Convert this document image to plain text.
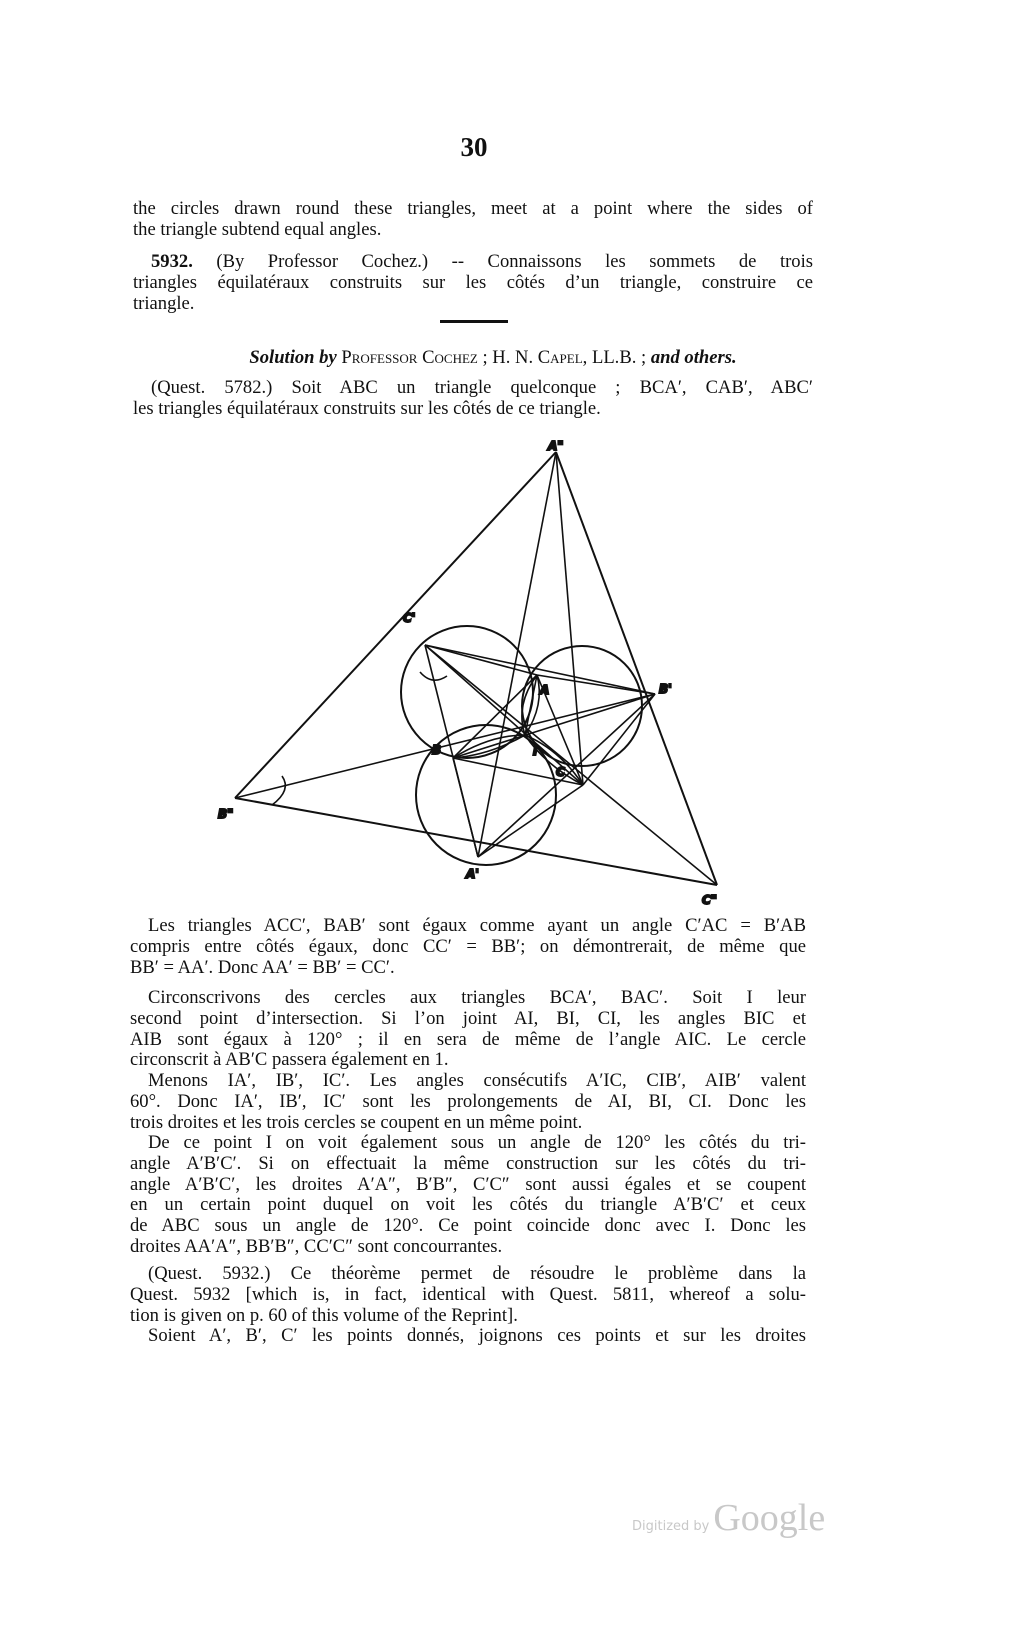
30
the circles drawn round these triangles, meet at a point where the sides of
the triangle subtend equal angles.
5932. (By Professor Cochez.) -- Connaissons les sommets de trois
triangles équilatéraux construits sur les côtés d’un triangle, construire ce
triangle.
Solution by Professor Cochez ; H. N. Capel, LL.B. ; and others.
(Quest. 5782.) Soit ABC un triangle quelconque ; BCA′, CAB′, ABC′
les triangles équilatéraux construits sur les côtés de ce triangle.
A"
C'
A	B'
B	I
C
B"
A'
C"
Les triangles ACC′, BAB′ sont égaux comme ayant un angle C′AC = B′AB
compris entre côtés égaux, donc CC′ = BB′; on démontrerait, de même que
BB′ = AA′. Donc AA′ = BB′ = CC′.
Circonscrivons des cercles aux triangles BCA′, BAC′. Soit I leur
second point d’intersection. Si l’on joint AI, BI, CI, les angles BIC et
AIB sont égaux à 120° ; il en sera de même de l’angle AIC. Le cercle
circonscrit à AB′C passera également en 1.
Menons IA′, IB′, IC′. Les angles consécutifs A′IC, CIB′, AIB′ valent
60°. Donc IA′, IB′, IC′ sont les prolongements de AI, BI, CI. Donc les
trois droites et les trois cercles se coupent en un même point.
De ce point I on voit également sous un angle de 120° les côtés du tri-
angle A′B′C′. Si on effectuait la même construction sur les côtés du tri-
angle A′B′C′, les droites A′A″, B′B″, C′C″ sont aussi égales et se coupent
en un certain point duquel on voit les côtés du triangle A′B′C′ et ceux
de ABC sous un angle de 120°. Ce point coincide donc avec I. Donc les
droites AA′A″, BB′B″, CC′C″ sont concourrantes.
(Quest. 5932.) Ce théorème permet de résoudre le problème dans la
Quest. 5932 [which is, in fact, identical with Quest. 5811, whereof a solu-
tion is given on p. 60 of this volume of the Reprint].
Soient A′, B′, C′ les points donnés, joignons ces points et sur les droites
Digitized by Google
